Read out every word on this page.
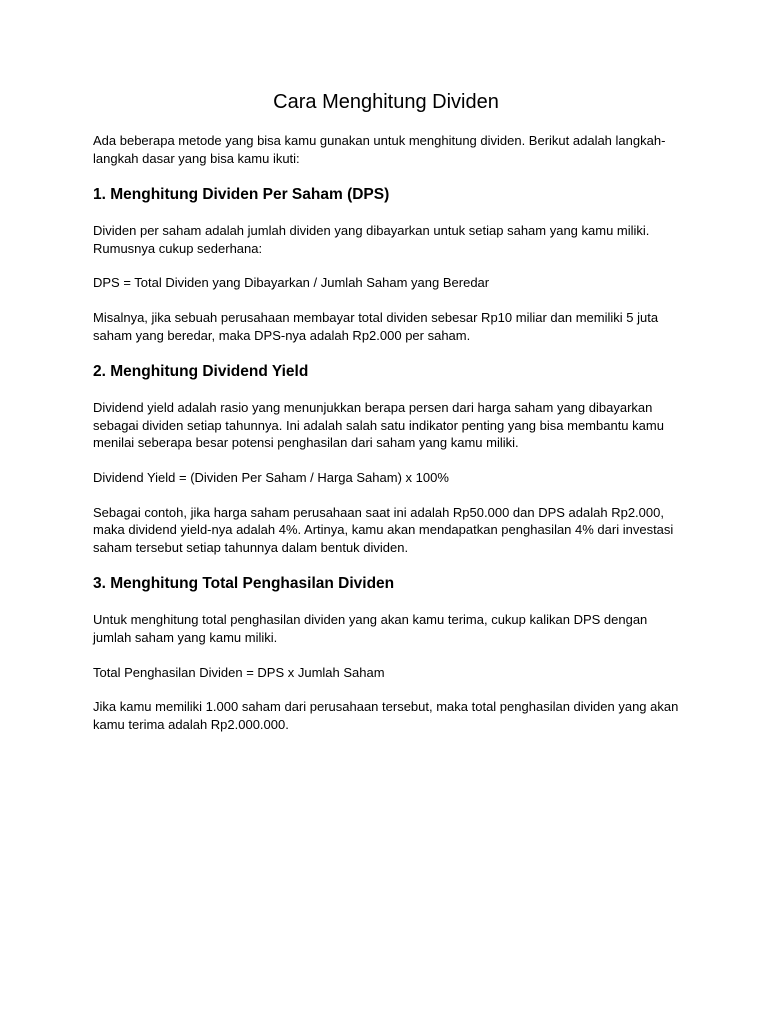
Cara Menghitung Dividen

Ada beberapa metode yang bisa kamu gunakan untuk menghitung dividen. Berikut adalah langkah-langkah dasar yang bisa kamu ikuti:

1. Menghitung Dividen Per Saham (DPS)

Dividen per saham adalah jumlah dividen yang dibayarkan untuk setiap saham yang kamu miliki. Rumusnya cukup sederhana:

DPS = Total Dividen yang Dibayarkan / Jumlah Saham yang Beredar

Misalnya, jika sebuah perusahaan membayar total dividen sebesar Rp10 miliar dan memiliki 5 juta saham yang beredar, maka DPS-nya adalah Rp2.000 per saham.

2. Menghitung Dividend Yield

Dividend yield adalah rasio yang menunjukkan berapa persen dari harga saham yang dibayarkan sebagai dividen setiap tahunnya. Ini adalah salah satu indikator penting yang bisa membantu kamu menilai seberapa besar potensi penghasilan dari saham yang kamu miliki.

Dividend Yield = (Dividen Per Saham / Harga Saham) x 100%

Sebagai contoh, jika harga saham perusahaan saat ini adalah Rp50.000 dan DPS adalah Rp2.000, maka dividend yield-nya adalah 4%. Artinya, kamu akan mendapatkan penghasilan 4% dari investasi saham tersebut setiap tahunnya dalam bentuk dividen.

3. Menghitung Total Penghasilan Dividen

Untuk menghitung total penghasilan dividen yang akan kamu terima, cukup kalikan DPS dengan jumlah saham yang kamu miliki.

Total Penghasilan Dividen = DPS x Jumlah Saham

Jika kamu memiliki 1.000 saham dari perusahaan tersebut, maka total penghasilan dividen yang akan kamu terima adalah Rp2.000.000.
